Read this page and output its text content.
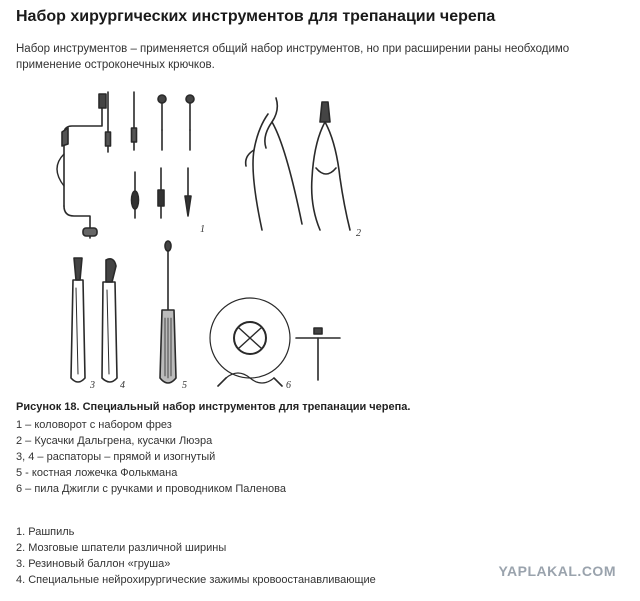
Набор хирургических инструментов для трепанации черепа

Набор инструментов – применяется общий набор инструментов, но при расширении раны необходимо применение остроконечных крючков.

1	2
3	4	5	6

Рисунок 18. Специальный набор инструментов для трепанации черепа.

1 – коловорот с набором фрез
2 – Кусачки Дальгрена, кусачки Люэра
3, 4 – распаторы – прямой и изогнутый
5 - костная ложечка Фолькмана
6 – пила Джигли с ручками и проводником Паленова
1. Рашпиль
2. Мозговые шпатели различной ширины
3. Резиновый баллон «груша»
4. Специальные нейрохирургические зажимы кровоостанавливающие

YAPLAKAL.COM
